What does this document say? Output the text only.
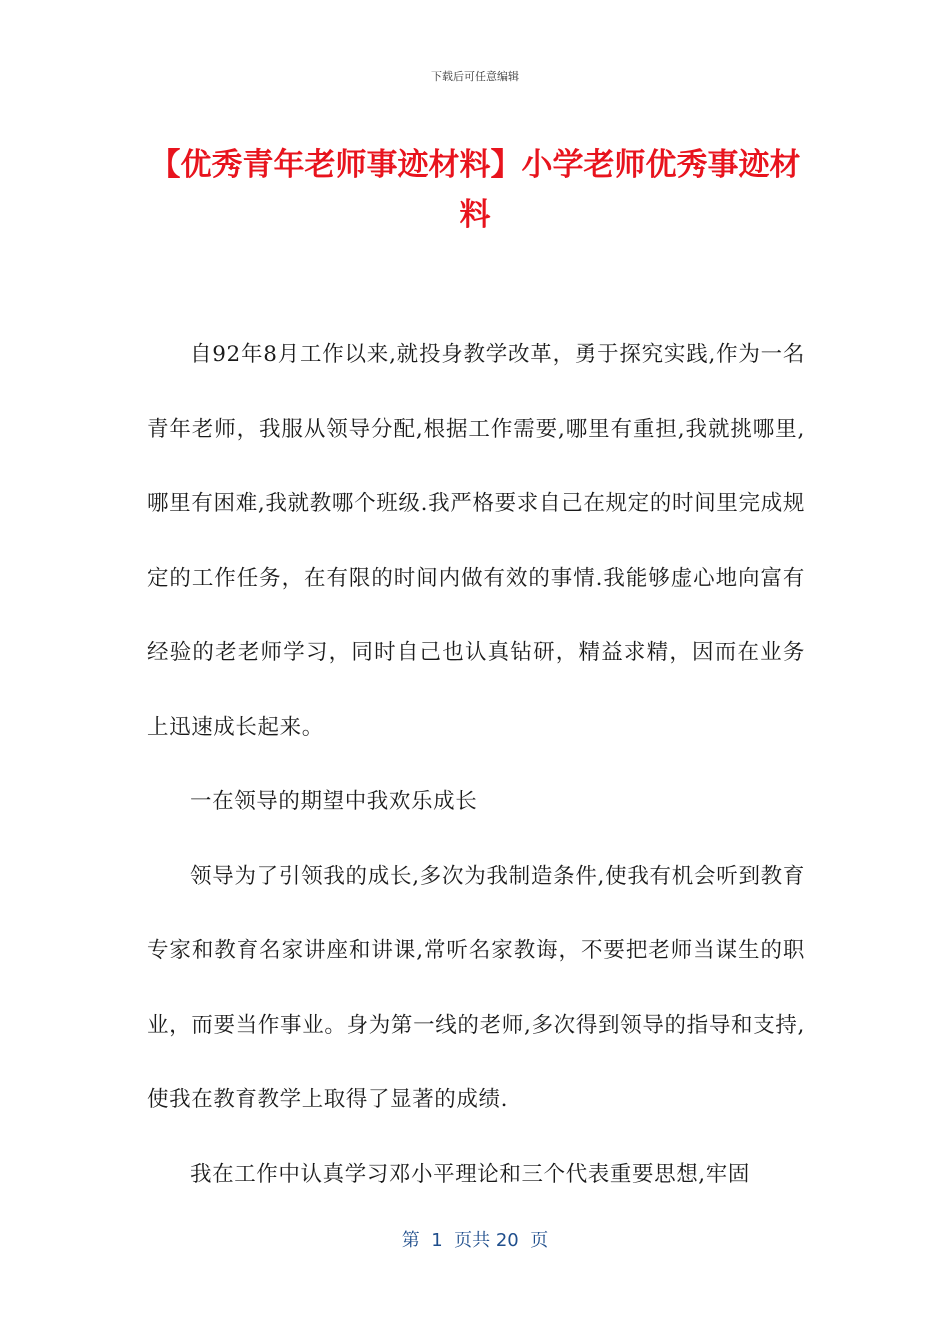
下载后可任意编辑
【优秀青年老师事迹材料】小学老师优秀事迹材料

自92年8月工作以来,就投身教学改革，勇于探究实践,作为一名青年老师，我服从领导分配,根据工作需要,哪里有重担,我就挑哪里,哪里有困难,我就教哪个班级.我严格要求自己在规定的时间里完成规定的工作任务，在有限的时间内做有效的事情.我能够虚心地向富有经验的老老师学习，同时自己也认真钻研，精益求精，因而在业务上迅速成长起来。

一在领导的期望中我欢乐成长

领导为了引领我的成长,多次为我制造条件,使我有机会听到教育专家和教育名家讲座和讲课,常听名家教诲，不要把老师当谋生的职业，而要当作事业。身为第一线的老师,多次得到领导的指导和支持,使我在教育教学上取得了显著的成绩.

我在工作中认真学习邓小平理论和三个代表重要思想,牢固

第  1  页共 20  页
